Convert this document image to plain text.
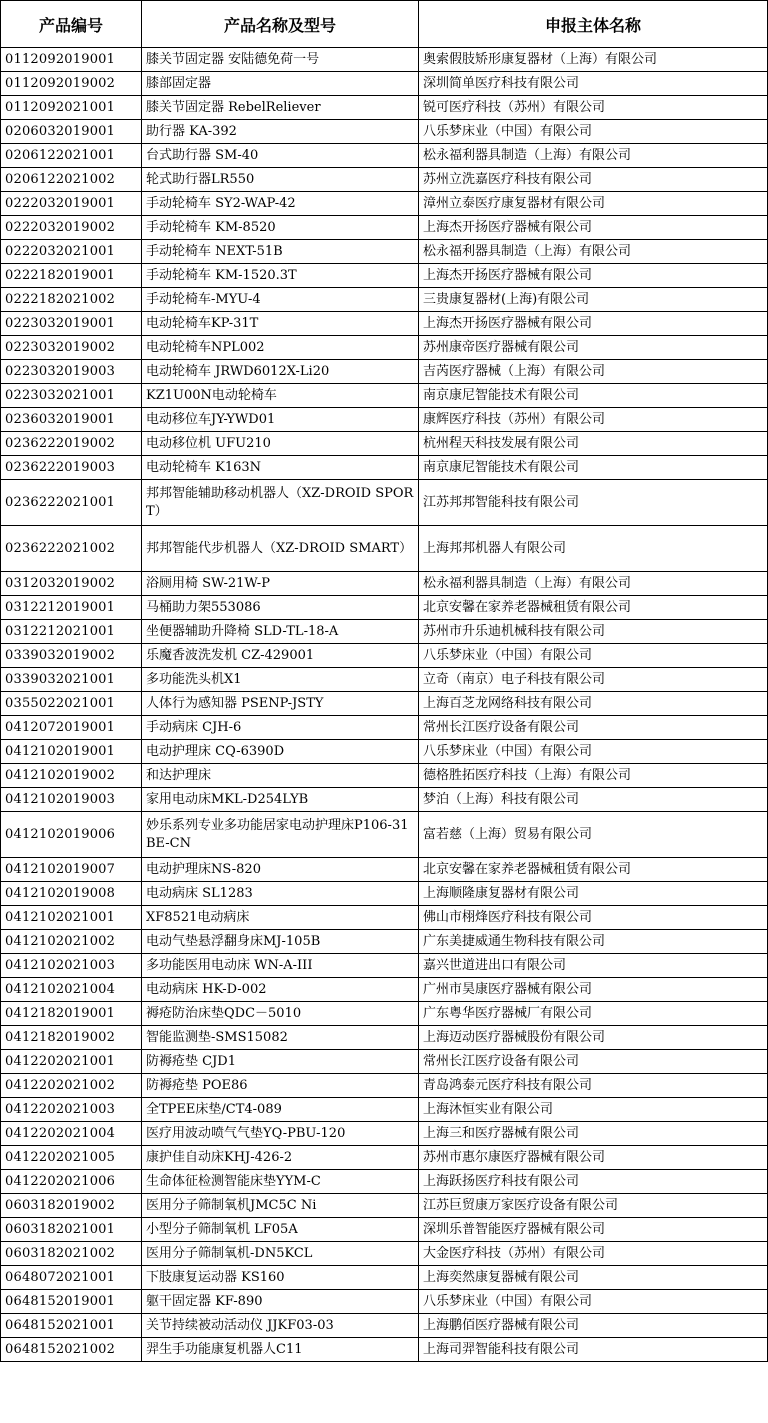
产品编号	产品名称及型号	申报主体名称
0112092019001	膝关节固定器 安陆德免荷一号	奥索假肢矫形康复器材（上海）有限公司
0112092019002	膝部固定器	深圳简单医疗科技有限公司
0112092021001	膝关节固定器 RebelReliever	锐可医疗科技（苏州）有限公司
0206032019001	助行器 KA-392	八乐梦床业（中国）有限公司
0206122021001	台式助行器 SM-40	松永福利器具制造（上海）有限公司
0206122021002	轮式助行器LR550	苏州立洗嘉医疗科技有限公司
0222032019001	手动轮椅车 SY2-WAP-42	漳州立泰医疗康复器材有限公司
0222032019002	手动轮椅车 KM-8520	上海杰开扬医疗器械有限公司
0222032021001	手动轮椅车 NEXT-51B	松永福利器具制造（上海）有限公司
0222182019001	手动轮椅车 KM-1520.3T	上海杰开扬医疗器械有限公司
0222182021002	手动轮椅车-MYU-4	三贵康复器材(上海)有限公司
0223032019001	电动轮椅车KP-31T	上海杰开扬医疗器械有限公司
0223032019002	电动轮椅车NPL002	苏州康帝医疗器械有限公司
0223032019003	电动轮椅车 JRWD6012X-Li20	吉芮医疗器械（上海）有限公司
0223032021001	KZ1U00N电动轮椅车	南京康尼智能技术有限公司
0236032019001	电动移位车JY-YWD01	康辉医疗科技（苏州）有限公司
0236222019002	电动移位机 UFU210	杭州程天科技发展有限公司
0236222019003	电动轮椅车 K163N	南京康尼智能技术有限公司
0236222021001	邦邦智能辅助移动机器人（XZ-DROID SPORT）	江苏邦邦智能科技有限公司
0236222021002	邦邦智能代步机器人（XZ-DROID SMART）	上海邦邦机器人有限公司
0312032019002	浴厕用椅 SW-21W-P	松永福利器具制造（上海）有限公司
0312212019001	马桶助力架553086	北京安馨在家养老器械租赁有限公司
0312212021001	坐便器辅助升降椅 SLD-TL-18-A	苏州市升乐迪机械科技有限公司
0339032019002	乐魔香波洗发机 CZ-429001	八乐梦床业（中国）有限公司
0339032021001	多功能洗头机X1	立奇（南京）电子科技有限公司
0355022021001	人体行为感知器 PSENP-JSTY	上海百芝龙网络科技有限公司
0412072019001	手动病床 CJH-6	常州长江医疗设备有限公司
0412102019001	电动护理床 CQ-6390D	八乐梦床业（中国）有限公司
0412102019002	和达护理床	德格胜拓医疗科技（上海）有限公司
0412102019003	家用电动床MKL-D254LYB	梦泊（上海）科技有限公司
0412102019006	妙乐系列专业多功能居家电动护理床P106-31BE-CN	富若慈（上海）贸易有限公司
0412102019007	电动护理床NS-820	北京安馨在家养老器械租赁有限公司
0412102019008	电动病床 SL1283	上海顺隆康复器材有限公司
0412102021001	XF8521电动病床	佛山市栩烽医疗科技有限公司
0412102021002	电动气垫悬浮翻身床MJ-105B	广东美捷威通生物科技有限公司
0412102021003	多功能医用电动床 WN-A-III	嘉兴世道进出口有限公司
0412102021004	电动病床 HK-D-002	广州市昊康医疗器械有限公司
0412182019001	褥疮防治床垫QDC－5010	广东粤华医疗器械厂有限公司
0412182019002	智能监测垫-SMS15082	上海迈动医疗器械股份有限公司
0412202021001	防褥疮垫 CJD1	常州长江医疗设备有限公司
0412202021002	防褥疮垫 POE86	青岛鸿泰元医疗科技有限公司
0412202021003	全TPEE床垫/CT4-089	上海沐恒实业有限公司
0412202021004	医疗用波动喷气气垫YQ-PBU-120	上海三和医疗器械有限公司
0412202021005	康护佳自动床KHJ-426-2	苏州市惠尔康医疗器械有限公司
0412202021006	生命体征检测智能床垫YYM-C	上海跃扬医疗科技有限公司
0603182019002	医用分子筛制氧机JMC5C Ni	江苏巨贸康万家医疗设备有限公司
0603182021001	小型分子筛制氧机 LF05A	深圳乐普智能医疗器械有限公司
0603182021002	医用分子筛制氧机-DN5KCL	大金医疗科技（苏州）有限公司
0648072021001	下肢康复运动器 KS160	上海奕然康复器械有限公司
0648152019001	躯干固定器 KF-890	八乐梦床业（中国）有限公司
0648152021001	关节持续被动活动仪 JJKF03-03	上海鹏佰医疗器械有限公司
0648152021002	羿生手功能康复机器人C11	上海司羿智能科技有限公司
